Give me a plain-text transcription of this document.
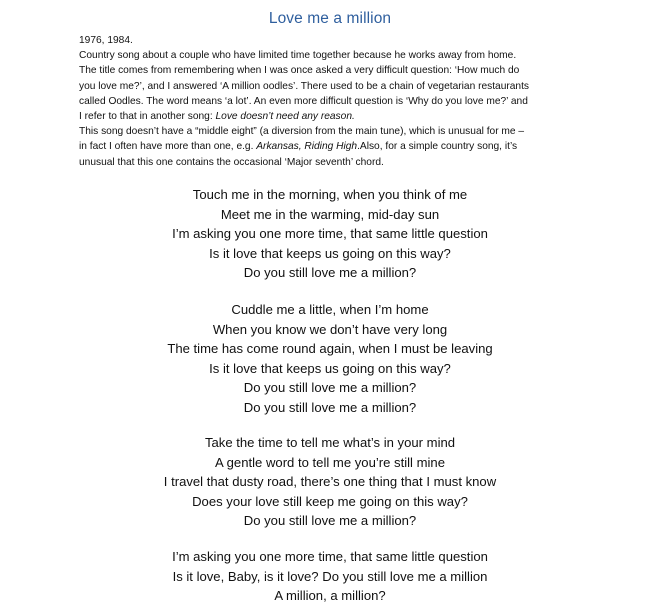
Love me a million

1976, 1984.

Country song about a couple who have limited time together because he works away from home.

The title comes from remembering when I was once asked a very difficult question: ‘How much do

you love me?’, and I answered ‘A million oodles’. There used to be a chain of vegetarian restaurants

called Oodles. The word means ‘a lot’. An even more difficult question is ‘Why do you love me?’ and

I refer to that in another song: Love doesn’t need any reason.

This song doesn’t have a “middle eight” (a diversion from the main tune), which is unusual for me –

in fact I often have more than one, e.g. Arkansas, Riding High.Also, for a simple country song, it’s

unusual that this one contains the occasional ‘Major seventh’ chord.

Touch me in the morning, when you think of me

Meet me in the warming, mid-day sun

I’m asking you one more time, that same little question

Is it love that keeps us going on this way?

Do you still love me a million?

Cuddle me a little, when I’m home

When you know we don’t have very long

The time has come round again, when I must be leaving

Is it love that keeps us going on this way?

Do you still love me a million?

Do you still love me a million?

Take the time to tell me what’s in your mind

A gentle word to tell me you’re still mine

I travel that dusty road, there’s one thing that I must know

Does your love still keep me going on this way?

Do you still love me a million?

I’m asking you one more time, that same little question

Is it love, Baby, is it love? Do you still love me a million

A million, a million?
